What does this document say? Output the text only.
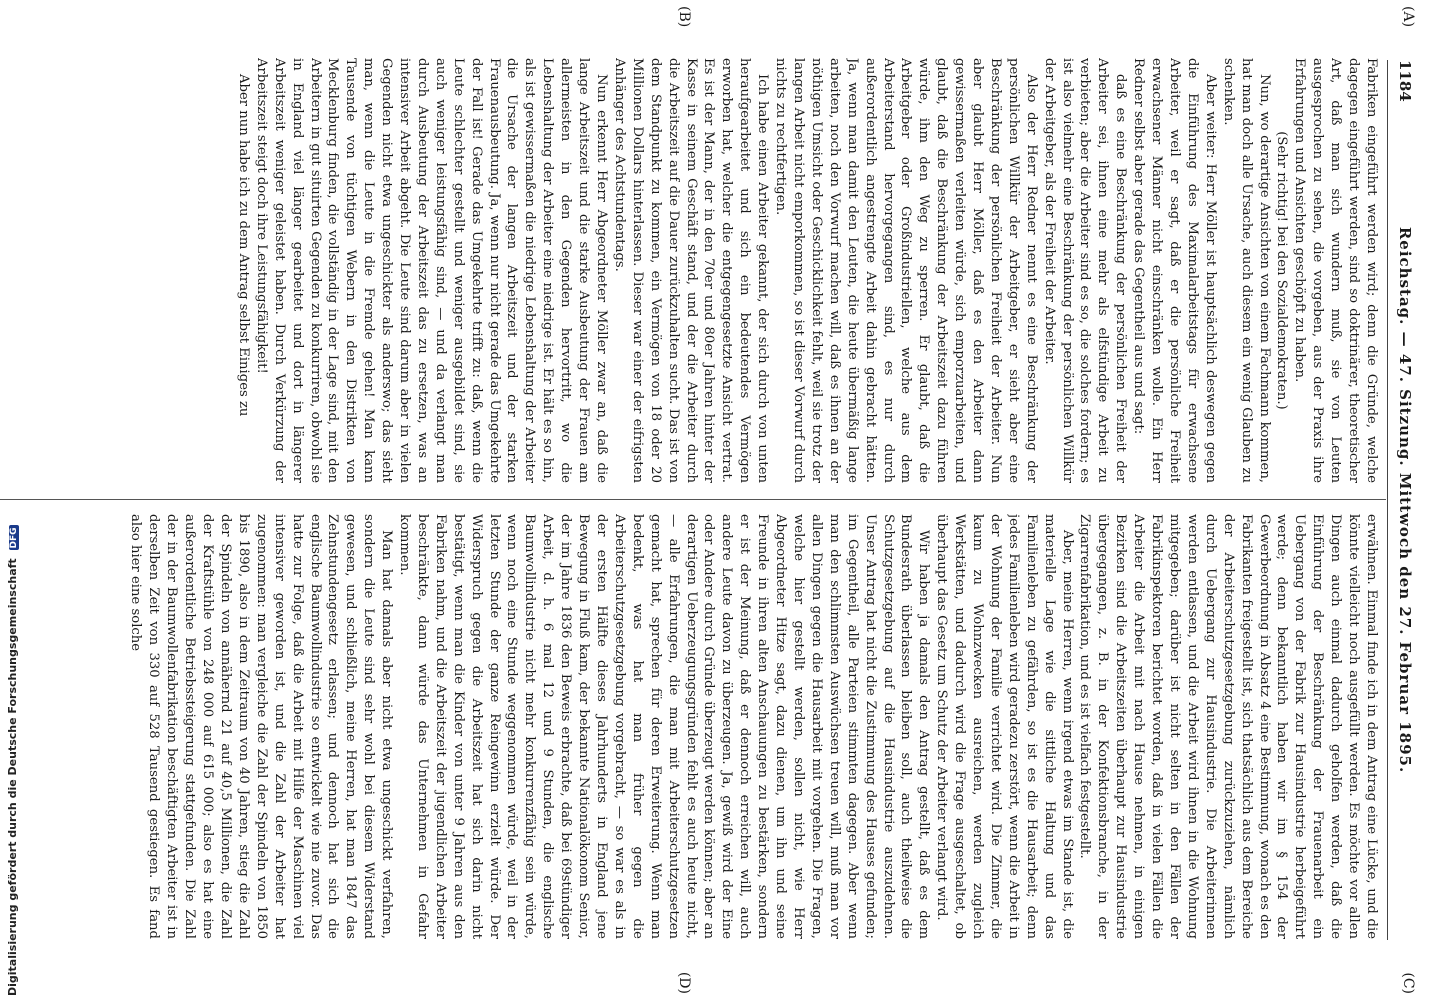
(A)
(B)
(C)
(D)
1184
Reichstag. — 47. Sitzung. Mittwoch den 27. Februar 1895.

Fabriken eingeführt werden wird; denn die Gründe, welche dagegen eingeführt werden, sind so doktrinärer, theoretischer Art, daß man sich wundern muß, sie von Leuten ausgesprochen zu sehen, die vorgeben, aus der Praxis ihre Erfahrungen und Ansichten geschöpft zu haben.

(Sehr richtig! bei den Sozialdemokraten.)

Nun, wo derartige Ansichten von einem Fachmann kommen, hat man doch alle Ursache, auch diesem ein wenig Glauben zu schenken.

Aber weiter: Herr Möller ist hauptsächlich deswegen gegen die Einführung des Maximalarbeitstags für erwachsene Arbeiter, weil er sagt, daß er die persönliche Freiheit erwachsener Männer nicht einschränken wolle. Ein Herr Redner selbst aber gerade das Gegentheil aus und sagt:

daß es eine Beschränkung der persönlichen Freiheit der Arbeiter sei, ihnen eine mehr als elfstündige Arbeit zu verbieten; aber die Arbeiter sind es so, die solches fordern; es ist also vielmehr eine Beschränkung der persönlichen Willkür der Arbeitgeber, als der Freiheit der Arbeiter.

Also der Herr Redner nennt es eine Beschränkung der persönlichen Willkür der Arbeitgeber, er sieht aber eine Beschränkung der persönlichen Freiheit der Arbeiter. Nun aber glaubt Herr Möller, daß es den Arbeiter dann gewissermaßen verleiten würde, sich emporzuarbeiten, und glaubt, daß die Beschränkung der Arbeitszeit dazu führen würde, ihm den Weg zu sperren. Er glaubt, daß die Arbeitgeber oder Großindustriellen, welche aus dem Arbeiterstand hervorgegangen sind, es nur durch außerordentlich angestrengte Arbeit dahin gebracht hätten. Ja, wenn man damit den Leuten, die heute übermäßig lange arbeiten, noch den Vorwurf machen will, daß es ihnen an der nöthigen Umsicht oder Geschicklichkeit fehlt, weil sie trotz der langen Arbeit nicht emporkommen, so ist dieser Vorwurf durch nichts zu rechtfertigen.

Ich habe einen Arbeiter gekannt, der sich durch von unten heraufgearbeitet und sich ein bedeutendes Vermögen erworben hat, welcher die entgegengesetzte Ansicht vertrat. Es ist der Mann, der in den 70er und 80er Jahren hinter der Kasse in seinem Geschäft stand, und der die Arbeiter durch die Arbeitszeit auf die Dauer zurückzuhalten sucht. Das ist von dem Standpunkt zu kommen, ein Vermögen von 18 oder 20 Millionen Dollars hinterlassen. Dieser war einer der eifrigsten Anhänger des Achtstundentags.

Nun erkennt Herr Abgeordneter Möller zwar an, daß die lange Arbeitszeit und die starke Ausbeutung der Frauen am allermeisten in den Gegenden hervortritt, wo die Lebenshaltung der Arbeiter eine niedrige ist. Er hält es so hin, als ist gewissermaßen die niedrige Lebenshaltung der Arbeiter die Ursache der langen Arbeitszeit und der starken Frauenausbeutung. Ja, wenn nur nicht gerade das Umgekehrte der Fall ist! Gerade das Umgekehrte trifft zu: daß, wenn die Leute schlechter gestellt und weniger ausgebildet sind, sie auch weniger leistungsfähig sind, — und da verlangt man durch Ausbeutung der Arbeitszeit das zu ersetzen, was an intensiver Arbeit abgeht. Die Leute sind darum aber in vielen Gegenden nicht etwa ungeschickter als anderswo; das sieht man, wenn die Leute in die Fremde gehen! Man kann Tausende von tüchtigen Webern in den Distrikten von Mecklenburg finden, die vollständig in der Lage sind, mit den Arbeitern in gut situirten Gegenden zu konkurriren, obwohl sie in England viel länger gearbeitet und dort in längerer Arbeitszeit weniger geleistet haben. Durch Verkürzung der Arbeitszeit steigt doch ihre Leistungsfähigkeit!

Aber nun habe ich zu dem Antrag selbst Einiges zu

erwähnen. Einmal finde ich in dem Antrag eine Lücke, und die könnte vielleicht noch ausgefüllt werden. Es möchte vor allen Dingen auch einmal dadurch geholfen werden, daß die Einführung der Beschränkung der Frauenarbeit ein Uebergang von der Fabrik zur Hausindustrie herbeigeführt werde; denn bekanntlich haben wir im § 154 der Gewerbeordnung in Absatz 4 eine Bestimmung, wonach es den Fabrikanten freigestellt ist, sich thatsächlich aus dem Bereiche der Arbeiterschutzgesetzgebung zurückzuziehen, nämlich durch Uebergang zur Hausindustrie. Die Arbeiterinnen werden entlassen, und die Arbeit wird ihnen in die Wohnung mitgegeben; darüber ist nicht selten in den Fällen der Fabrikinspektoren berichtet worden, daß in vielen Fällen die Arbeiter die Arbeit mit nach Hause nehmen, in einigen Bezirken sind die Arbeitszeiten überhaupt zur Hausindustrie übergegangen, z. B. in der Konfektionsbranche, in der Zigarrenfabrikation, und es ist vielfach festgestellt.

Aber, meine Herren, wenn irgend etwas im Stande ist, die materielle Lage wie die sittliche Haltung und das Familienleben zu gefährden, so ist es die Hausarbeit; denn jedes Familienleben wird geradezu zerstört, wenn die Arbeit in der Wohnung der Familie verrichtet wird. Die Zimmer, die kaum zu Wohnzwecken ausreichen, werden zugleich Werkstätten, und dadurch wird die Frage ausgeschaltet, ob überhaupt das Gesetz um Schutz der Arbeiter verlangt wird.

Wir haben ja damals den Antrag gestellt, daß es dem Bundesrath überlassen bleiben soll, auch theilweise die Schutzgesetzgebung auf die Hausindustrie auszudehnen. Unser Antrag hat nicht die Zustimmung des Hauses gefunden; im Gegentheil, alle Parteien stimmten dagegen. Aber wenn man den schlimmsten Auswüchsen treuen will, muß man vor allen Dingen gegen die Hausarbeit mit vorgehen. Die Fragen, welche hier gestellt werden, sollen nicht, wie Herr Abgeordneter Hitze sagt, dazu dienen, um ihn und seine Freunde in ihren alten Anschauungen zu bestärken, sondern er ist der Meinung, daß er dennoch erreichen will, auch andere Leute davon zu überzeugen. Ja, gewiß wird der Eine oder Andere durch Gründe überzeugt werden können; aber an derartigen Ueberzeugungsgründen fehlt es auch heute nicht, — alle Erfahrungen, die man mit Arbeiterschutzgesetzen gemacht hat, sprechen für deren Erweiterung. Wenn man bedenkt, was hat man früher gegen die Arbeiterschutzgesetzgebung vorgebracht, — so war es als in der ersten Hälfte dieses Jahrhunderts in England jene Bewegung in Fluß kam, der bekannte Nationalökonom Senior, der im Jahre 1836 den Beweis erbrachte, daß bei 69stündiger Arbeit, d. h. 6 mal 12 und 9 Stunden, die englische Baumwollindustrie nicht mehr konkurrenzfähig sein würde, wenn noch eine Stunde weggenommen würde, weil in der letzten Stunde der ganze Reingewinn erzielt würde. Der Widerspruch gegen die Arbeitszeit hat sich darin nicht bestätigt, wenn man die Kinder von unter 9 Jahren aus den Fabriken nahm, und die Arbeitszeit der jugendlichen Arbeiter beschränkte, dann würde das Unternehmen in Gefahr kommen.

Man hat damals aber nicht etwa ungeschickt verfahren, sondern die Leute sind sehr wohl bei diesem Widerstand gewesen, und schließlich, meine Herren, hat man 1847 das Zehnstundengesetz erlassen; und dennoch hat sich die englische Baumwollindustrie so entwickelt wie nie zuvor. Das hatte zur Folge, daß die Arbeit mit Hilfe der Maschinen viel intensiver geworden ist, und die Zahl der Arbeiter hat zugenommen: man vergleiche die Zahl der Spindeln von 1850 bis 1890, also in dem Zeitraum von 40 Jahren, stieg die Zahl der Spindeln von annähernd 21 auf 40,5 Millionen, die Zahl der Kraftstühle von 248 000 auf 615 000; also es hat eine außerordentliche Betriebssteigerung stattgefunden. Die Zahl der in der Baumwollenfabrikation beschäftigten Arbeiter ist in derselben Zeit von 330 auf 528 Tausend gestiegen. Es fand also hier eine solche

Digitalisierung gefördert durch die Deutsche Forschungsgemeinschaft DFG
